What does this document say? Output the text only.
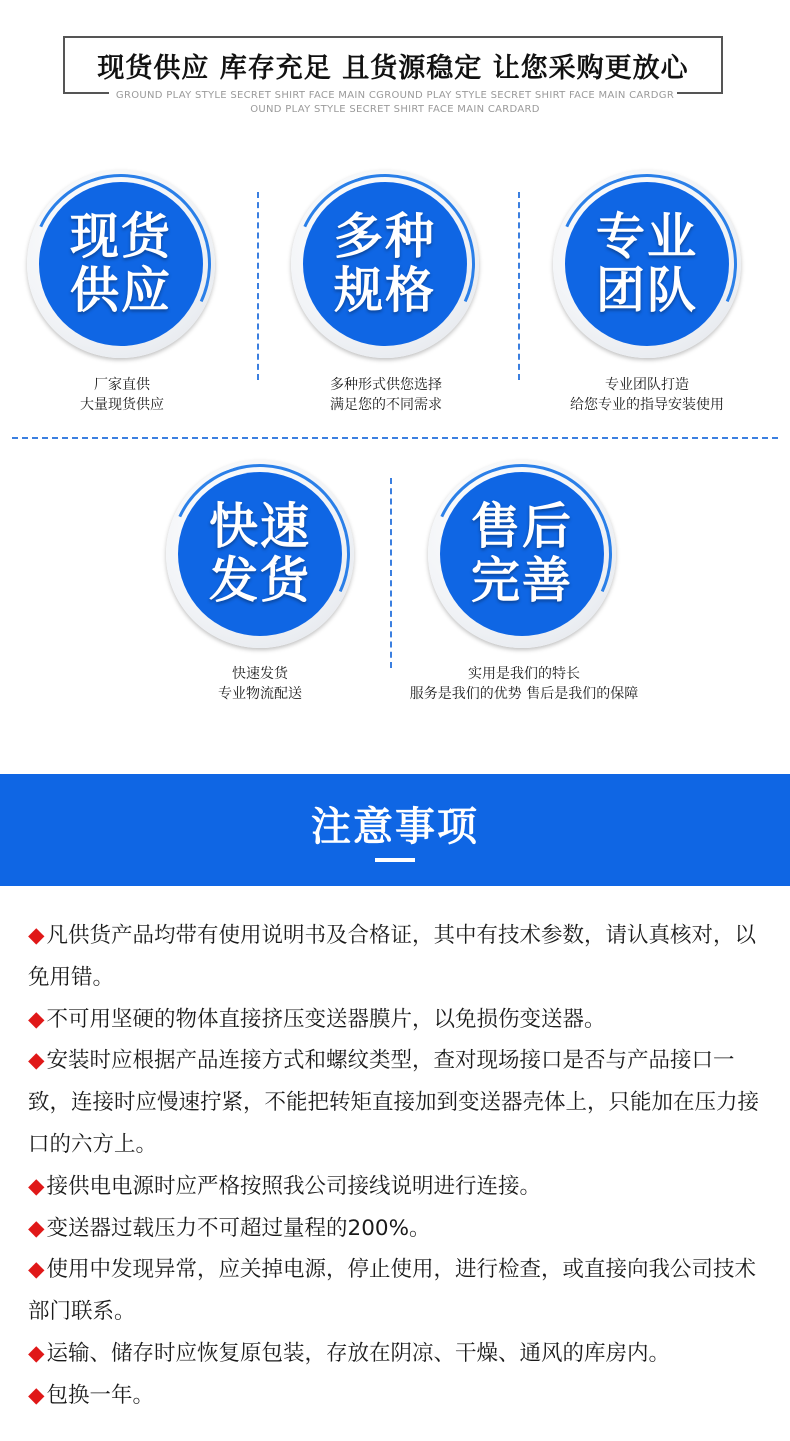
现货供应 库存充足 且货源稳定 让您采购更放心
GROUND PLAY STYLE SECRET SHIRT FACE MAIN CGROUND PLAY STYLE SECRET SHIRT FACE MAIN CARDGR
OUND PLAY STYLE SECRET SHIRT FACE MAIN CARDARD
现货
供应
厂家直供
大量现货供应
多种
规格
多种形式供您选择
满足您的不同需求
专业
团队
专业团队打造
给您专业的指导安装使用
快速
发货
快速发货
专业物流配送
售后
完善
实用是我们的特长
服务是我们的优势 售后是我们的保障
注意事项

◆凡供货产品均带有使用说明书及合格证，其中有技术参数，请认真核对，以免用错。

◆不可用坚硬的物体直接挤压变送器膜片，以免损伤变送器。

◆安装时应根据产品连接方式和螺纹类型，查对现场接口是否与产品接口一致，连接时应慢速拧紧，不能把转矩直接加到变送器壳体上，只能加在压力接口的六方上。

◆接供电电源时应严格按照我公司接线说明进行连接。

◆变送器过载压力不可超过量程的200%。

◆使用中发现异常，应关掉电源，停止使用，进行检查，或直接向我公司技术部门联系。

◆运输、储存时应恢复原包装，存放在阴凉、干燥、通风的库房内。

◆包换一年。
